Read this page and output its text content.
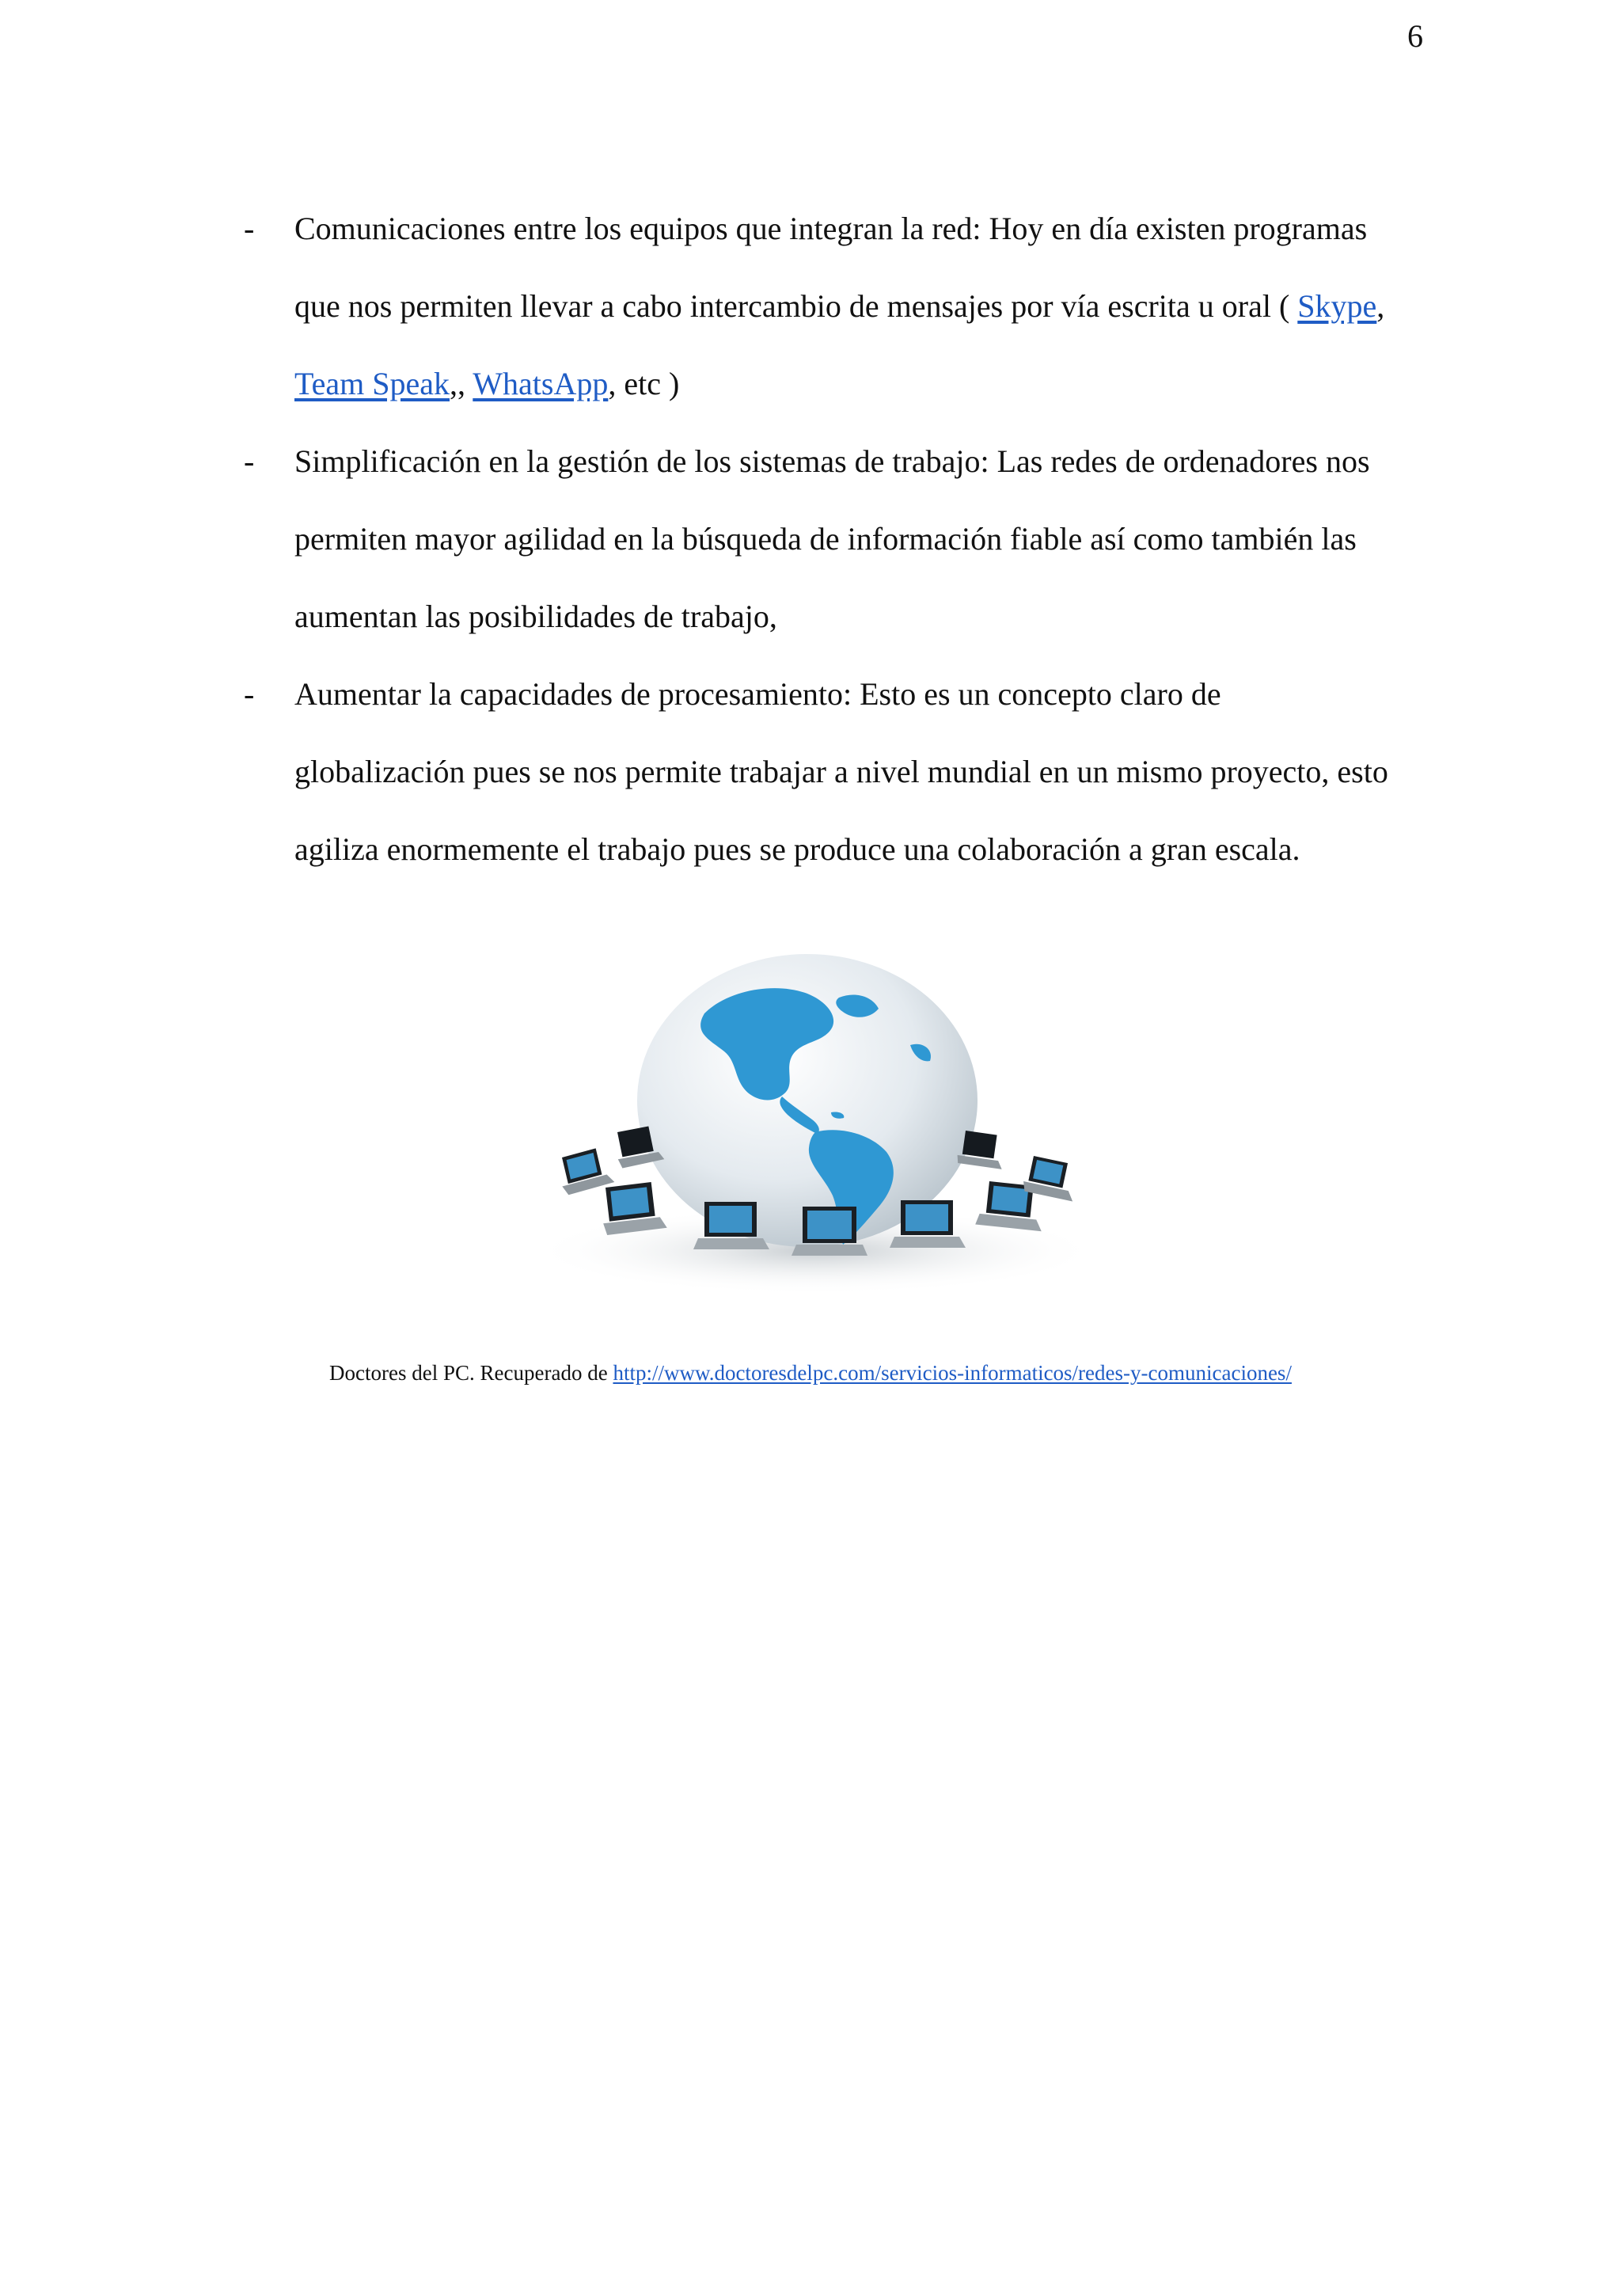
6
- Comunicaciones entre los equipos que integran la red: Hoy en día existen programas
que nos permiten llevar a cabo intercambio de mensajes por vía escrita u oral ( Skype,
Team Speak,, WhatsApp, etc )
- Simplificación en la gestión de los sistemas de trabajo: Las redes de ordenadores nos
permiten mayor agilidad en la búsqueda de información fiable así como también las
aumentan las posibilidades de trabajo,
- Aumentar la capacidades de procesamiento: Esto es un concepto claro de
globalización pues se nos permite trabajar a nivel mundial en un mismo proyecto, esto
agiliza enormemente el trabajo pues se produce una colaboración a gran escala.
Doctores del PC. Recuperado de http://www.doctoresdelpc.com/servicios-informaticos/redes-y-comunicaciones/
